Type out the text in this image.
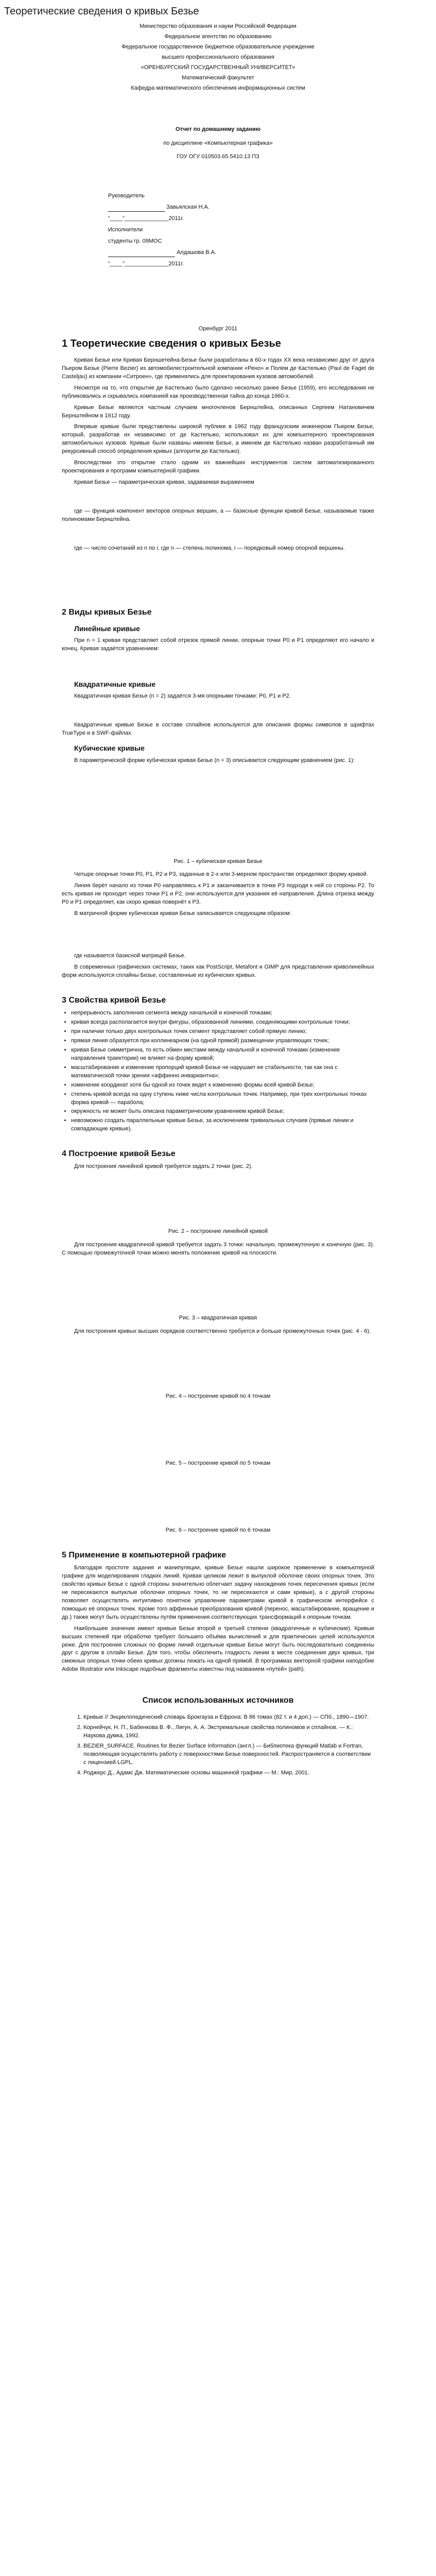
Теоретические сведения о кривых Безье

Министерство образования и науки Российской Федерации

Федеральное агентство по образованию

Федеральное государственное бюджетное образовательное учреждение

высшего профессионального образования

«ОРЕНБУРГСКИЙ ГОСУДАРСТВЕННЫЙ УНИВЕРСИТЕТ»

Математический факультет

Кафедра математического обеспечения информационных систем

Отчет по домашнему заданию

по дисциплине «Компьютерная графика»

ГОУ ОГУ 010503.65.5410.13 ПЗ

Руководитель

Завьялская Н.А.

“____”______________2011г.

Исполнители

студенты гр. 09МОС

Алдашова В.А.

“____”______________2011г.

Оренбург 2011
1 Теоретические сведения о кривых Безье

Кривая Безье или Кривая Берншетейна-Безье были разработаны в 60-х годах XX века независимо друг от друга Пьером Безье (Pierre Bezier) из автомобилестроительной компании «Рено» и Полем де Кастельжо (Paul de Faget de Casteljau) из компании «Ситроен», где применялись для проектирования кузовов автомобилей.

Несмотря на то, что открытие де Кастельжо было сделано несколько ранее Безье (1959), его исследования не публиковались и скрывались компанией как производственная тайна до конца 1960-х.

Кривые Безье являются частным случаем многочленов Бернштейна, описанных Сергеем Натановичем Бернштейном в 1912 году.

Впервые кривые были представлены широкой публике в 1962 году французским инженером Пьером Безье, который, разработав их независимо от де Кастельжо, использовал их для компьютерного проектирования автомобильных кузовов. Кривые были названы именем Безье, а именем де Кастельжо назван разработанный им рекурсивный способ определения кривых (алгоритм де Кастельжо).

Впоследствии это открытие стало одним из важнейших инструментов систем автоматизированного проектирования и программ компьютерной графики.

Кривая Безье — параметрическая кривая, задаваемая выражением

где — функция компонент векторов опорных вершин, а — базисные функции кривой Безье, называемые также полиномами Бернштейна.

где — число сочетаний из n по i, где n — степень полинома, i — порядковый номер опорной вершины.

2 Виды кривых Безье
Линейные кривые

При n = 1 кривая представляет собой отрезок прямой линии, опорные точки P0 и P1 определяют его начало и конец. Кривая задаётся уравнением:

Квадратичные кривые

Квадратичная кривая Безье (n = 2) задаётся 3-мя опорными точками: P0, P1 и P2.

Квадратичные кривые Безье в составе сплайнов используются для описания формы символов в шрифтах TrueType и в SWF-файлах.

Кубические кривые

В параметрической форме кубическая кривая Безье (n = 3) описывается следующим уравнением (рис. 1):

Рис. 1 – кубическая кривая Безье

Четыре опорные точки P0, P1, P2 и P3, заданные в 2-х или 3-мерном пространстве определяют форму кривой.

Линия берёт начало из точки P0 направляясь к P1 и заканчивается в точке P3 подходя к ней со стороны P2. То есть кривая не проходит через точки P1 и P2, они используются для указания её направления. Длина отрезка между P0 и P1 определяет, как скоро кривая повернёт к P3.

В матричной форме кубическая кривая Безье записывается следующим образом:

где называется базисной матрицей Безье.

В современных графических системах, таких как PostScript, Metafont и GIMP для представления криволинейных форм используются сплайны Безье, составленные из кубических кривых.

3 Свойства кривой Безье
• непрерывность заполнения сегмента между начальной и конечной точками;
• кривая всегда располагается внутри фигуры, образованной линиями, соединяющими контрольные точки;
• при наличии только двух контрольных точек сегмент представляет собой прямую линию;
• прямая линия образуется при коллинеарном (на одной прямой) размещении управляющих точек;
• кривая Безье симметрична, то есть обмен местами между начальной и конечной точками (изменение направления траектории) не влияет на форму кривой;
• масштабирование и изменение пропорций кривой Безье не нарушает ее стабильности, так как она с математической точки зрения «аффинно инвариантна»;
• изменение координат хотя бы одной из точек ведет к изменению формы всей кривой Безье;
• степень кривой всегда на одну ступень ниже числа контрольных точек. Например, при трех контрольных точках форма кривой — парабола;
• окружность не может быть описана параметрическим уравнением кривой Безье;
• невозможно создать параллельные кривые Безье, за исключением тривиальных случаев (прямые линии и совпадающие кривые).
4 Построение кривой Безье

Для построения линейной кривой требуется задать 2 точки (рис. 2).

Рис. 2 – построение линейной кривой

Для построения квадратичной кривой требуется задать 3 точки: начальную, промежуточную и конечную (рис. 3). С помощью промежуточной точки можно менять положение кривой на плоскости.

Рис. 3 – квадратичная кривая

Для построения кривых высших порядков соответственно требуется и больше промежуточных точек (рис. 4 - 6).

Рис. 4 – построение кривой по 4 точкам

Рис. 5 – построение кривой по 5 точкам

Рис. 6 – построение кривой по 6 точкам

5 Применение в компьютерной графике

Благодаря простоте задания и манипуляции, кривые Безье нашли широкое применение в компьютерной графике для моделирования гладких линий. Кривая целиком лежит в выпуклой оболочке своих опорных точек. Это свойство кривых Безье с одной стороны значительно облегчает задачу нахождения точек пересечения кривых (если не пересекаются выпуклые оболочки опорных точек, то не пересекаются и сами кривые), а с другой стороны позволяет осуществлять интуитивно понятное управление параметрами кривой в графическом интерфейсе с помощью её опорных точек. Кроме того аффинные преобразования кривой (перенос, масштабирование, вращение и др.) также могут быть осуществлены путём применения соответствующих трансформаций к опорным точкам.

Наибольшее значение имеют кривые Безье второй и третьей степени (квадратичные и кубические). Кривые высших степеней при обработке требуют большего объёма вычислений и для практических целей используются реже. Для построения сложных по форме линий отдельные кривые Безье могут быть последовательно соединены друг с другом в сплайн Безье. Для того, чтобы обеспечить гладкость линии в месте соединения двух кривых, три смежных опорных точки обеих кривых должны лежать на одной прямой. В программах векторной графики наподобие Adobe Illustrator или Inkscape подобные фрагменты известны под названием «путей» (path).

Список использованных источников
1. Кривые // Энциклопедический словарь Брокгауза и Ефрона: В 86 томах (82 т. и 4 доп.) — СПб., 1890—1907.
2. Корнейчук, Н. П., Бабенкова В. Ф., Лигун, А. А. Экстремальные свойства полиномов и сплайнов. — К.: Наукова думка, 1992.
3. BEZIER_SURFACE. Routines for Bezier Surface Information (англ.) — Библиотека функций Matlab и Fortran, позволяющая осуществлять работу с поверхностями Безье поверхностей. Распространяется в соответствии с лицензией LGPL.
4. Роджерс Д., Адамс Дж. Математические основы машинной графики — М.: Мир, 2001.
